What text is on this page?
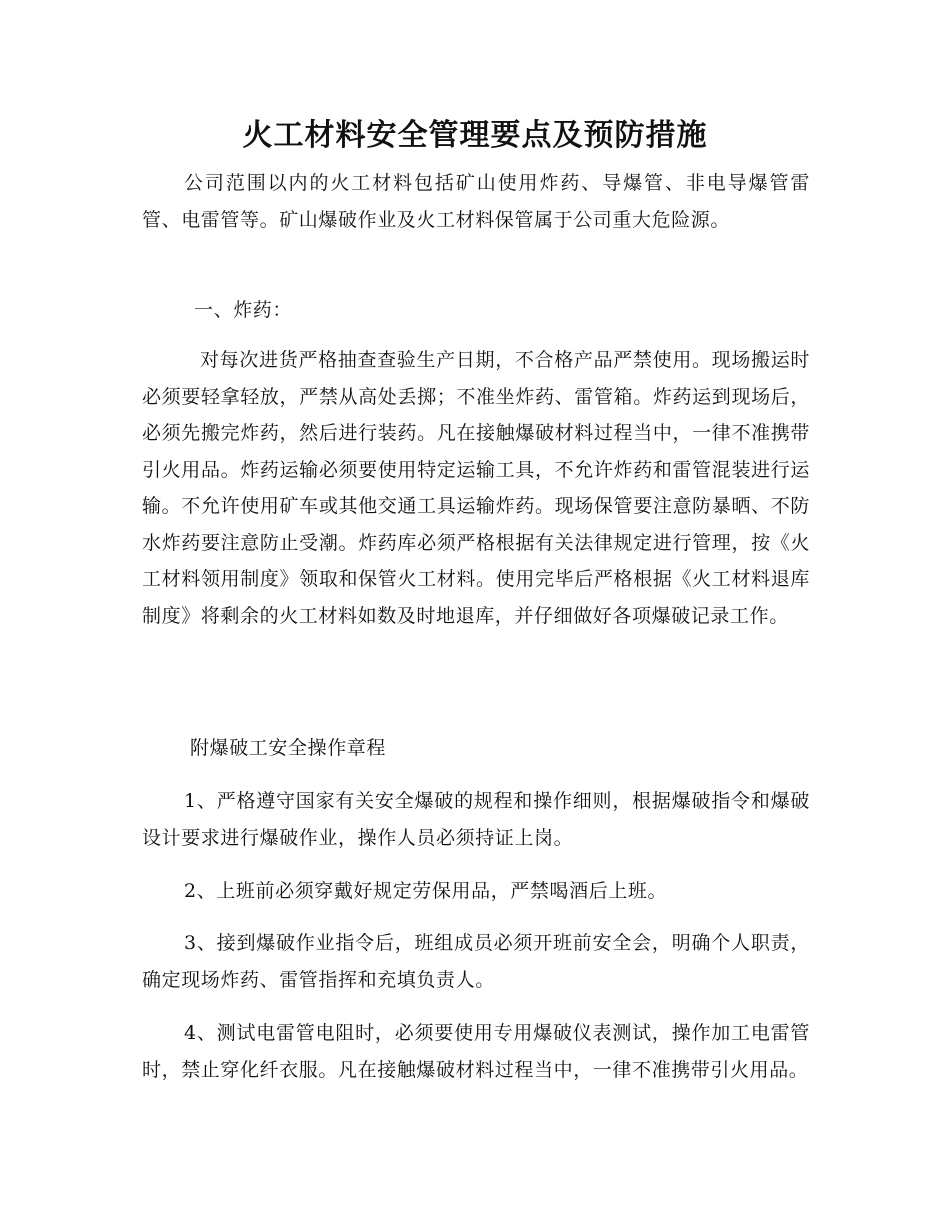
火工材料安全管理要点及预防措施

公司范围以内的火工材料包括矿山使用炸药、导爆管、非电导爆管雷管、电雷管等。矿山爆破作业及火工材料保管属于公司重大危险源。

一、炸药：

对每次进货严格抽查查验生产日期，不合格产品严禁使用。现场搬运时必须要轻拿轻放，严禁从高处丢掷；不准坐炸药、雷管箱。炸药运到现场后，必须先搬完炸药，然后进行装药。凡在接触爆破材料过程当中，一律不准携带引火用品。炸药运输必须要使用特定运输工具，不允许炸药和雷管混装进行运输。不允许使用矿车或其他交通工具运输炸药。现场保管要注意防暴晒、不防水炸药要注意防止受潮。炸药库必须严格根据有关法律规定进行管理，按《火工材料领用制度》领取和保管火工材料。使用完毕后严格根据《火工材料退库制度》将剩余的火工材料如数及时地退库，并仔细做好各项爆破记录工作。

附爆破工安全操作章程

1、严格遵守国家有关安全爆破的规程和操作细则，根据爆破指令和爆破设计要求进行爆破作业，操作人员必须持证上岗。

2、上班前必须穿戴好规定劳保用品，严禁喝酒后上班。

3、接到爆破作业指令后，班组成员必须开班前安全会，明确个人职责，确定现场炸药、雷管指挥和充填负责人。

4、测试电雷管电阻时，必须要使用专用爆破仪表测试，操作加工电雷管时，禁止穿化纤衣服。凡在接触爆破材料过程当中，一律不准携带引火用品。
